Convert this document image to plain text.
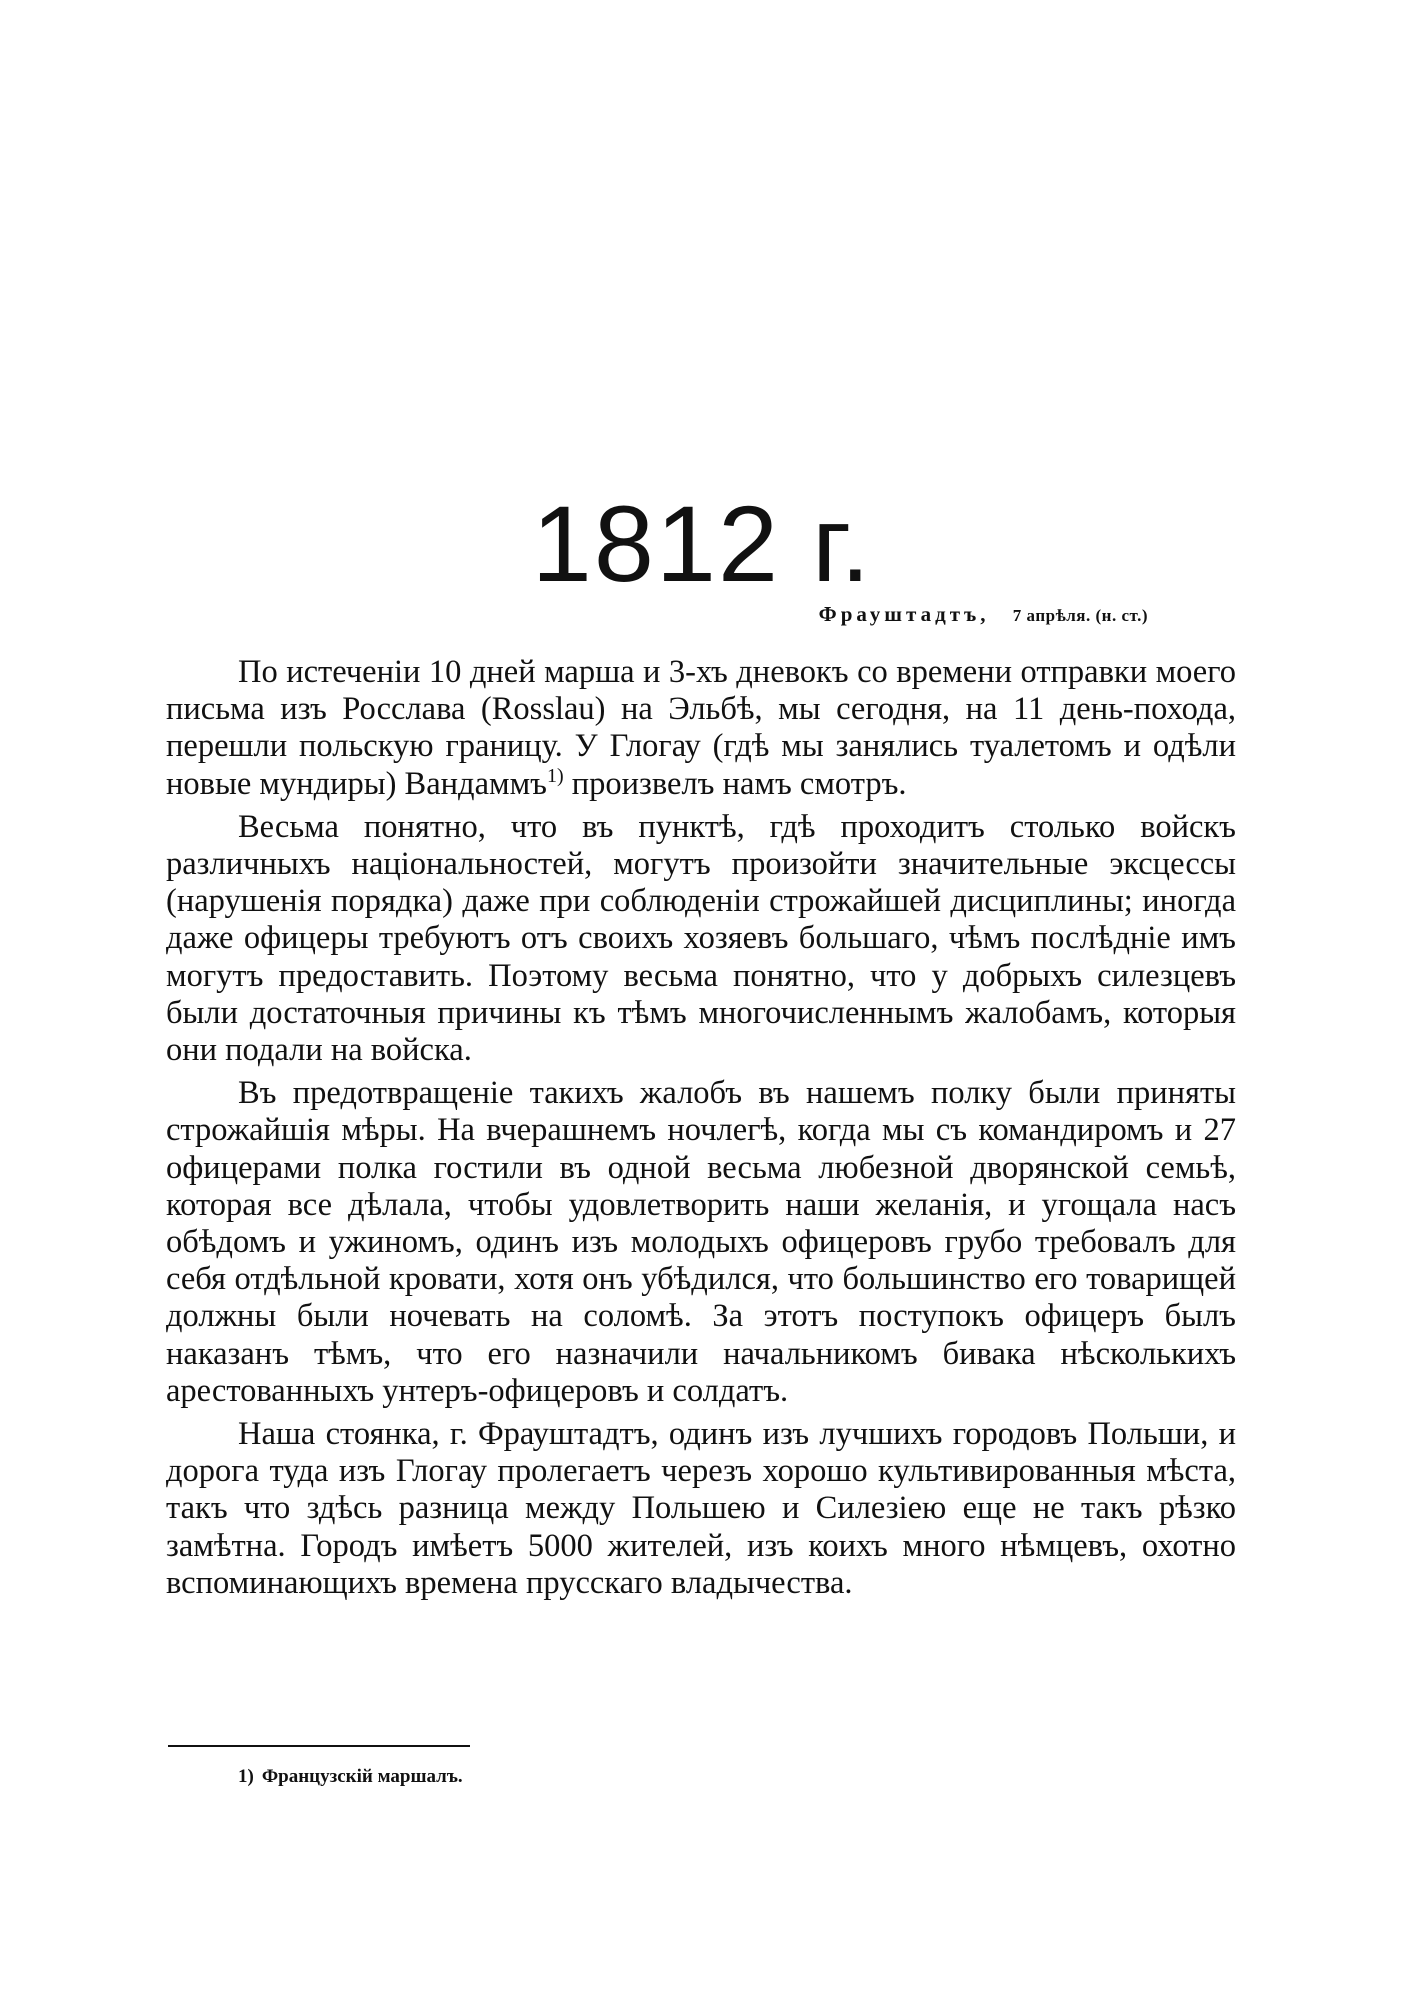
1812 г.
Фрауштадтъ, 7 апрѣля. (н. ст.)

По истеченіи 10 дней марша и 3-хъ дневокъ со времени отправки моего письма изъ Росслава (Rosslau) на Эльбѣ, мы сегодня, на 11 день-похода, перешли польскую границу. У Глогау (гдѣ мы занялись туалетомъ и одѣли новые мундиры) Вандаммъ$^{1)}$ произвелъ намъ смотръ.

Весьма понятно, что въ пунктѣ, гдѣ проходитъ столько войскъ различныхъ національностей, могутъ произойти значительные эксцессы (нарушенія порядка) даже при соблюденіи строжайшей дисциплины; иногда даже офицеры требуютъ отъ своихъ хозяевъ большаго, чѣмъ послѣдніе имъ могутъ предоставить. Поэтому весьма понятно, что у добрыхъ силезцевъ были достаточныя причины къ тѣмъ многочисленнымъ жалобамъ, которыя они подали на войска.

Въ предотвращеніе такихъ жалобъ въ нашемъ полку были приняты строжайшія мѣры. На вчерашнемъ ночлегѣ, когда мы съ командиромъ и 27 офицерами полка гостили въ одной весьма любезной дворянской семьѣ, которая все дѣлала, чтобы удовлетворить наши желанія, и угощала насъ обѣдомъ и ужиномъ, одинъ изъ молодыхъ офицеровъ грубо требовалъ для себя отдѣльной кровати, хотя онъ убѣдился, что большинство его товарищей должны были ночевать на соломѣ. За этотъ поступокъ офицеръ былъ наказанъ тѣмъ, что его назначили начальникомъ бивака нѣсколькихъ арестованныхъ унтеръ-офицеровъ и солдатъ.

Наша стоянка, г. Фрауштадтъ, одинъ изъ лучшихъ городовъ Польши, и дорога туда изъ Глогау пролегаетъ черезъ хорошо культивированныя мѣста, такъ что здѣсь разница между Польшею и Силезіею еще не такъ рѣзко замѣтна. Городъ имѣетъ 5000 жителей, изъ коихъ много нѣмцевъ, охотно вспоминающихъ времена прусскаго владычества.

1) Французскій маршалъ.
